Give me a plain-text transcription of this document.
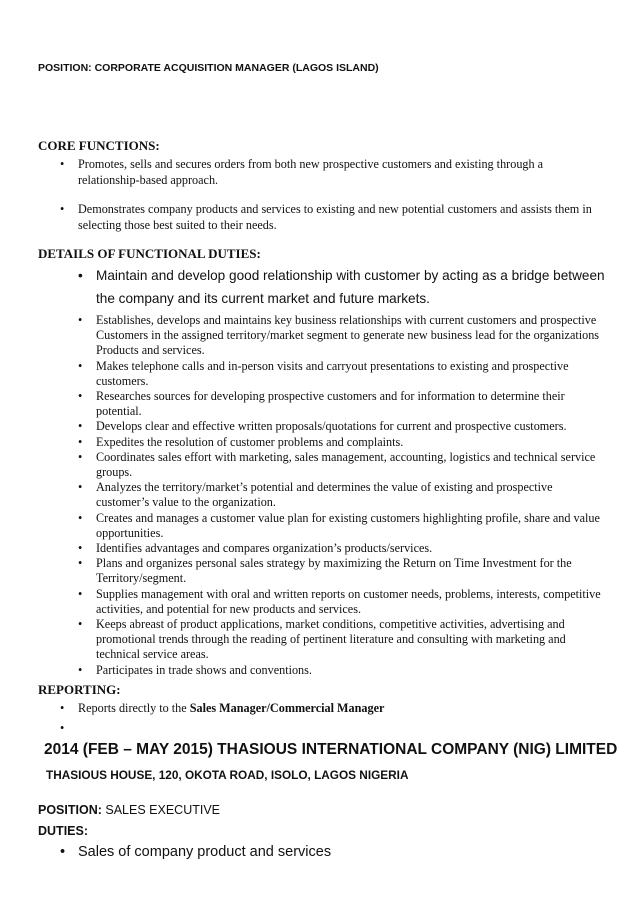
POSITION: CORPORATE ACQUISITION MANAGER (LAGOS ISLAND)
CORE FUNCTIONS:
• Promotes, sells and secures orders from both new prospective customers and existing through a relationship-based approach.
• Demonstrates company products and services to existing and new potential customers and assists them in selecting those best suited to their needs.
DETAILS OF FUNCTIONAL DUTIES:
• Maintain and develop good relationship with customer by acting as a bridge between the company and its current market and future markets.
• Establishes, develops and maintains key business relationships with current customers and prospective Customers in the assigned territory/market segment to generate new business lead for the organizations Products and services.
• Makes telephone calls and in-person visits and carryout presentations to existing and prospective customers.
• Researches sources for developing prospective customers and for information to determine their potential.
• Develops clear and effective written proposals/quotations for current and prospective customers.
• Expedites the resolution of customer problems and complaints.
• Coordinates sales effort with marketing, sales management, accounting, logistics and technical service groups.
• Analyzes the territory/market’s potential and determines the value of existing and prospective customer’s value to the organization.
• Creates and manages a customer value plan for existing customers highlighting profile, share and value opportunities.
• Identifies advantages and compares organization’s products/services.
• Plans and organizes personal sales strategy by maximizing the Return on Time Investment for the Territory/segment.
• Supplies management with oral and written reports on customer needs, problems, interests, competitive activities, and potential for new products and services.
• Keeps abreast of product applications, market conditions, competitive activities, advertising and promotional trends through the reading of pertinent literature and consulting with marketing and technical service areas.
• Participates in trade shows and conventions.
REPORTING:
• Reports directly to the Sales Manager/Commercial Manager
•

2014 (FEB – MAY 2015) THASIOUS INTERNATIONAL COMPANY (NIG) LIMITED
THASIOUS HOUSE, 120, OKOTA ROAD, ISOLO, LAGOS NIGERIA
POSITION: SALES EXECUTIVE
DUTIES:
• Sales of company product and services
